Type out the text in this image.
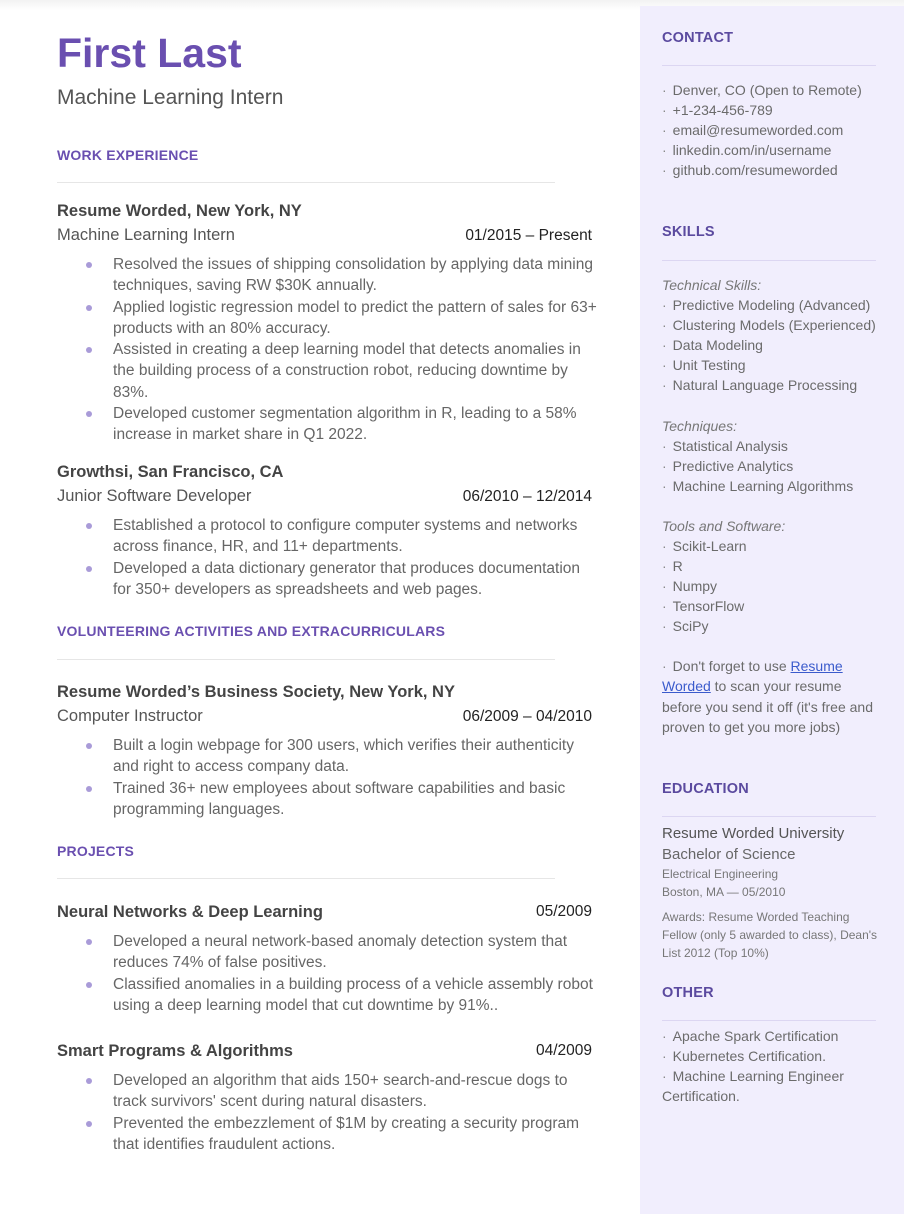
First Last
Machine Learning Intern
WORK EXPERIENCE
Resume Worded, New York, NY
Machine Learning Intern	01/2015 – Present
Resolved the issues of shipping consolidation by applying data mining techniques, saving RW $30K annually.
Applied logistic regression model to predict the pattern of sales for 63+ products with an 80% accuracy.
Assisted in creating a deep learning model that detects anomalies in the building process of a construction robot, reducing downtime by 83%.
Developed customer segmentation algorithm in R, leading to a 58% increase in market share in Q1 2022.
Growthsi, San Francisco, CA
Junior Software Developer	06/2010 – 12/2014
Established a protocol to configure computer systems and networks across finance, HR, and 11+ departments.
Developed a data dictionary generator that produces documentation for 350+ developers as spreadsheets and web pages.
VOLUNTEERING ACTIVITIES AND EXTRACURRICULARS
Resume Worded’s Business Society, New York, NY
Computer Instructor	06/2009 – 04/2010
Built a login webpage for 300 users, which verifies their authenticity and right to access company data.
Trained 36+ new employees about software capabilities and basic programming languages.
PROJECTS
Neural Networks & Deep Learning	05/2009
Developed a neural network-based anomaly detection system that reduces 74% of false positives.
Classified anomalies in a building process of a vehicle assembly robot using a deep learning model that cut downtime by 91%..
Smart Programs & Algorithms	04/2009
Developed an algorithm that aids 150+ search-and-rescue dogs to track survivors' scent during natural disasters.
Prevented the embezzlement of $1M by creating a security program that identifies fraudulent actions.
CONTACT
· Denver, CO (Open to Remote)
· +1-234-456-789
· email@resumeworded.com
· linkedin.com/in/username
· github.com/resumeworded
SKILLS
Technical Skills:
· Predictive Modeling (Advanced)
· Clustering Models (Experienced)
· Data Modeling
· Unit Testing
· Natural Language Processing
Techniques:
· Statistical Analysis
· Predictive Analytics
· Machine Learning Algorithms
Tools and Software:
· Scikit-Learn
· R
· Numpy
· TensorFlow
· SciPy
· Don't forget to use Resume Worded to scan your resume before you send it off (it's free and proven to get you more jobs)
EDUCATION
Resume Worded University
Bachelor of Science
Electrical Engineering
Boston, MA — 05/2010
Awards: Resume Worded Teaching Fellow (only 5 awarded to class), Dean's List 2012 (Top 10%)
OTHER
· Apache Spark Certification
· Kubernetes Certification.
· Machine Learning Engineer Certification.
